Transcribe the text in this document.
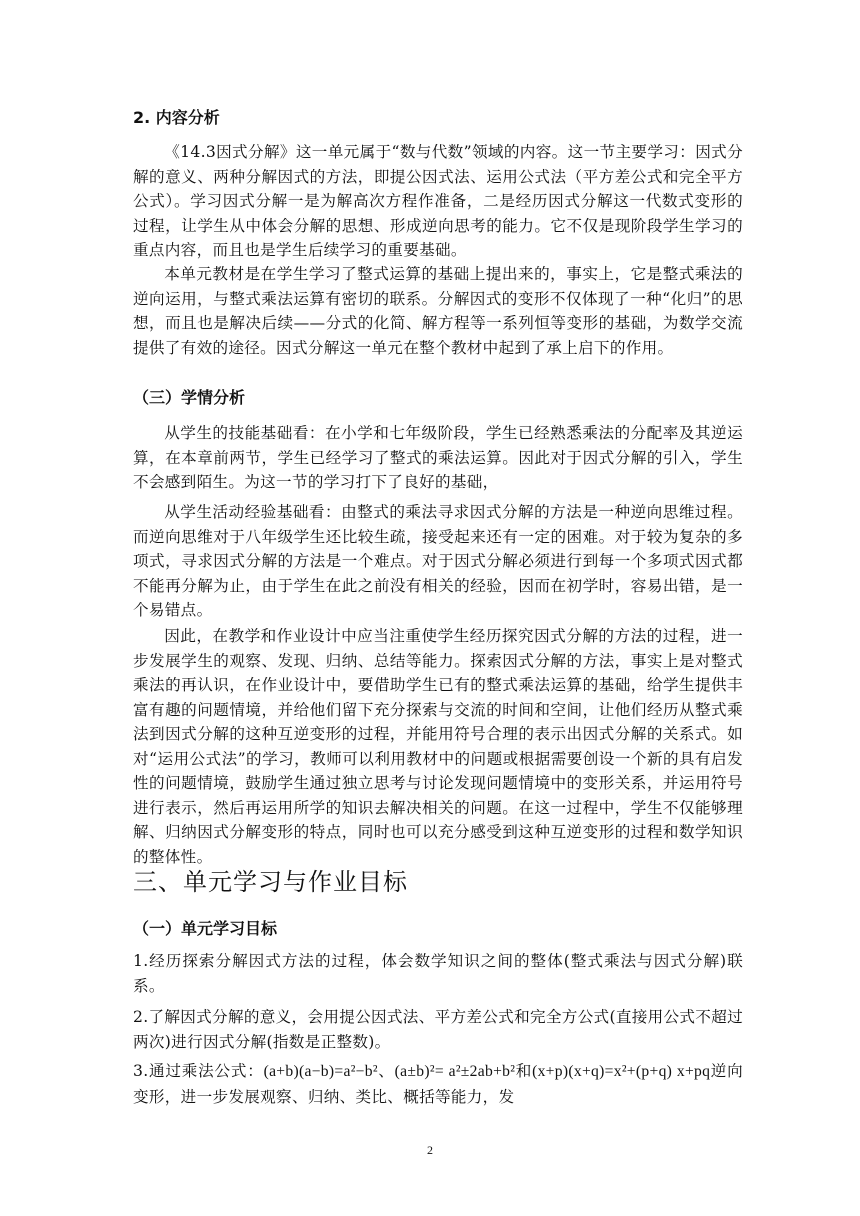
2. 内容分析
《14.3因式分解》这一单元属于“数与代数”领域的内容。这一节主要学习：因式分解的意义、两种分解因式的方法，即提公因式法、运用公式法（平方差公式和完全平方公式）。学习因式分解一是为解高次方程作准备，二是经历因式分解这一代数式变形的过程，让学生从中体会分解的思想、形成逆向思考的能力。它不仅是现阶段学生学习的重点内容，而且也是学生后续学习的重要基础。
本单元教材是在学生学习了整式运算的基础上提出来的，事实上，它是整式乘法的逆向运用，与整式乘法运算有密切的联系。分解因式的变形不仅体现了一种“化归”的思想，而且也是解决后续——分式的化简、解方程等一系列恒等变形的基础，为数学交流提供了有效的途径。因式分解这一单元在整个教材中起到了承上启下的作用。
（三）学情分析
从学生的技能基础看：在小学和七年级阶段，学生已经熟悉乘法的分配率及其逆运算，在本章前两节，学生已经学习了整式的乘法运算。因此对于因式分解的引入，学生不会感到陌生。为这一节的学习打下了良好的基础，
从学生活动经验基础看：由整式的乘法寻求因式分解的方法是一种逆向思维过程。而逆向思维对于八年级学生还比较生疏，接受起来还有一定的困难。对于较为复杂的多项式，寻求因式分解的方法是一个难点。对于因式分解必须进行到每一个多项式因式都不能再分解为止，由于学生在此之前没有相关的经验，因而在初学时，容易出错，是一个易错点。
因此，在教学和作业设计中应当注重使学生经历探究因式分解的方法的过程，进一步发展学生的观察、发现、归纳、总结等能力。探索因式分解的方法，事实上是对整式乘法的再认识，在作业设计中，要借助学生已有的整式乘法运算的基础，给学生提供丰富有趣的问题情境，并给他们留下充分探索与交流的时间和空间，让他们经历从整式乘法到因式分解的这种互逆变形的过程，并能用符号合理的表示出因式分解的关系式。如对“运用公式法”的学习，教师可以利用教材中的问题或根据需要创设一个新的具有启发性的问题情境，鼓励学生通过独立思考与讨论发现问题情境中的变形关系，并运用符号进行表示，然后再运用所学的知识去解决相关的问题。在这一过程中，学生不仅能够理解、归纳因式分解变形的特点，同时也可以充分感受到这种互逆变形的过程和数学知识的整体性。
三、单元学习与作业目标
（一）单元学习目标
1.经历探索分解因式方法的过程，体会数学知识之间的整体(整式乘法与因式分解)联系。
2.了解因式分解的意义，会用提公因式法、平方差公式和完全方公式(直接用公式不超过两次)进行因式分解(指数是正整数)。
3.通过乘法公式：(a+b)(a−b)=a²−b²、(a±b)²= a²±2ab+b²和(x+p)(x+q)=x²+(p+q) x+pq逆向变形，进一步发展观察、归纳、类比、概括等能力，发
2
